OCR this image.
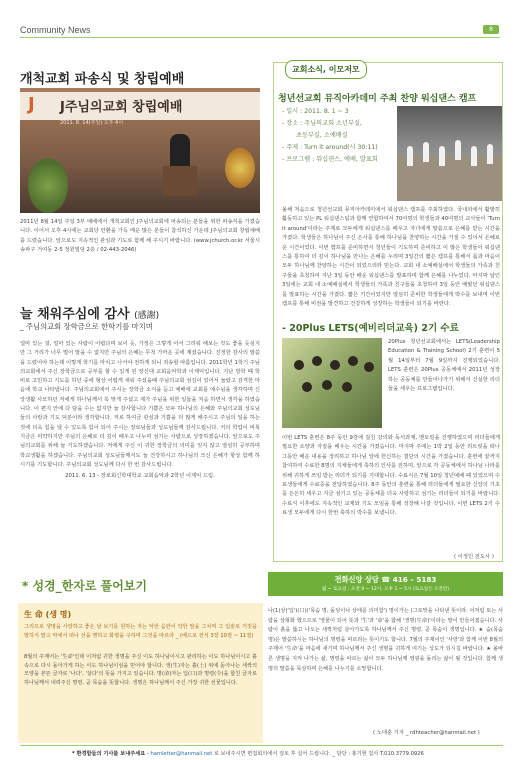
Community News	8
개척교회 파송식 및 창립예배
J J주님의교회 창립예배
2011. 8. 14(주일) 오후 4시
2011년 8월 14일 주일 3부 예배에서 개척교회인 J주님의교회에 파송되는 분들을 위한 파송식을 가졌습니다. 이어서 오후 4시에는 교회당 안환을 가득 메운 많은 분들이 참석하신 가운데 J주님의교회 창립예배를 드렸습니다. 앞으로도 지속적인 관심과 기도로 함께 해 주시기 바랍니다. (www.jchurch.or.kr 서울시 송파구 거여동 2-5 정원빌딩 2층 / 02-443-2046)
늘 채워주심에 감사 (感謝)
_ 주님의교회 장학금으로 한학기를 마치며
얼마 있는 걸, 얼마 있는 사람이 어렵다며 보이 듯, 가정은 그렇게 어서 그리워 해보는 것도 좋을 듯싶지만 그 거리가 너무 멀어 말을 수 없지만 주님의 은혜는 무척 가까운 곳에 계셨습니다. 진정한 감사의 말씀을 드렸어야 하는데 이렇게 학기를 마치고 나서야 전하게 되니 죄송할 따름입니다. 2011학년 1학기 주님의교회에서 주신 장학금으로 공부를 할 수 있게 된 장신대 교회음악학과 이재익입니다. 지난 방학 때 학비로 고민하고 기도를 하던 중에 형상 어렵게 새워 주셨을때 주님의교회 섬김이 있어서 놀랐고 감격한 마음에 학교 나타냅니다. 주님의교회에서 주시는 장학금 소식을 듣고 예배에 교회를 예수님을 생각하며 신앙생활 사모하던 저에게 하나님께서 꼭 맞게 주셨고 제가 주님을 위한 일들을 처음 하면서 생각을 하였습니다. 이 편지 안에 다 담을 수는 없지만 늘 감사합니다 기쁨은 모두 하나님의 은혜와 주님의교회 성도님들의 사랑과 기도 덕분이라 생각합니다. 저로 하여금 관심과 기쁨을 더 많게 해주시고 주님의 일을 하는 것에 더욱 힘을 낼 수 있도록 힘이 되어 주시는 장로님들과 성도님들께 감사드립니다. 저의 학업이 비록 지금은 미약하지만 주님의 은혜로 더 깊이 배우고 나누며 섬기는 사람으로 성장하겠습니다. 앞으로도 주님의교회를 위해 늘 기도하겠습니다. 저에게 주신 이 귀한 장학금의 의미를 잊지 않고 열심히 공부하며 학교생활을 하겠습니다. 주님의교회 성도님들께서도 늘 건강하시고 하나님의 크신 은혜가 항상 함께 하시기를 기도합니다. 주님의교회 성도님께 다시 한 번 감사드립니다.
2011. 6. 13 - 장로회신학대학교 교회음악과 2학년 이재익 드림.
교회소식, 이모저모
청년선교회 뮤직아카데미 주최 찬양 워십댄스 캠프
- 일시 : 2011. 8. 1 ~ 3
- 장소 : 주님의교회 소년부실,
초등부실, 소예배실
- 주제 : Turn it around(시 30:11)
- 프로그램 : 워십댄스, 예배, 발표회
올해 처음으로 청년선교회 뮤직아카데미에서 워십댄스 캠프를 주최하였다. 국내외에서 활발히 활동하고 있는 PL 워십댄스팀과 함께 연합하여서 70여명의 학생들과 40여명의 교사들이 'Turn it around'이라는 주제로 모두에게 워십댄스를 배우고 자녀에게 말씀으로 은혜를 받는 시간을 가졌다. 학생들은 하나님이 주신 은사를 통해 하나님을 찬양하는 시간을 가질 수 있어서 은혜로운 시간이었다. 이번 캠프를 준비하면서 청년들이 기도하며 준비하고 이 많은 학생들이 워십댄스를 통하여 더 깊이 하나님을 만나는 은혜를 누리며 3일간의 짧은 캠프를 통해서 몸과 마음이 모두 하나님께 찬양하는 시간이 되었으리라 믿는다. 교회 내 소예배실에서 학생들의 가족과 친구들을 초청하여 지난 3일 동안 배운 워십댄스를 발표하며 함께 은혜를 나누었다. 마지막 날인 3일에는 교회 내 소예배실에서 학생들의 가족과 친구들을 초청하여 3일 동안 배웠던 워십댄스를 발표하는 시간을 가졌다. 짧은 기간이었지만 열심히 준비한 학생들에게 박수를 보내며 이번 캠프를 통해 비전을 발견하고 건강하게 성장하는 학생들이 되기를 바란다.
- 20Plus LETS(예비리더교육) 2기 수료
20Plus 청년선교회에서는 LETS(Leadership Education & Training School) 2기 훈련이 5월 14일부터 7월 9일까지 진행되었습니다. LETS 훈련은 20Plus 공동체에서 2011년 성장하는 공동체를 만들어나가기 위해서 신실한 리더들을 세우는 프로그램입니다.
이번 LETS 훈련은 8주 동안 9강에 걸친 강의와 독서과제, 멘토링을 진행하였으며 리더들에게 필요한 소양과 자질을 배우는 시간을 가졌습니다. 마지막 주에는 1박 2일 동안 리트릿을 떠나 그동안 배운 내용을 정리하고 하나님 앞에 헌신하는 결단의 시간을 가졌습니다. 훈련에 끝까지 참여하여 수료한 8명의 지체들에게 축하의 인사를 전하며, 앞으로 각 공동체에서 하나님 나라를 위해 귀하게 쓰임 받는 리더가 되기를 기대합니다. 수료식은 7월 10일 청년예배 때 있었으며 수료생들에게 수료증을 전달하였습니다. 8주 동안의 훈련을 통해 리더들에게 필요한 신앙의 기초를 든든히 세우고 지금 섬기고 있는 공동체를 더욱 사랑하고 섬기는 리더들이 되기를 바랍니다. 수료식 이후에도 지속적인 교제와 기도 모임을 통해 성장해 나갈 것입니다. 이번 LETS 2기 수료생 모두에게 다시 한번 축하의 박수를 보냅니다.
( 이정민 전도사 )
* 성경_한자로 풀어보기	전화신앙 상담 ☎ 416 – 5183
월 ~ 토요일 : 오전 9 ~ 12시, 오후 1 ~ 5시 (토요일은 오전만)
生 命 (생 명)
그리므로 생명을 사랑하고 좋은 날 보기를 원하는 자는 악한 음란이 약한 말을 그치며 그 입술로 거짓을 말하지 말고 악에서 떠나 선을 행하고 화평을 구하며 그것을 따르라 _ (베드로 전서 3장 10절 ~ 11절)
8월의 주제어는 '生命'인데 이처럼 귀한 생명을 주신 이도 하나님이시고 관리하는 이도 하나님이시고 흙 속으로 다시 돌아가게 하는 이도 하나님이심을 믿어야 합니다. 생(生)자는 흙(土) 위에 돋아나는 새싹의 모양을 본뜬 글자로 '나다', '살다'의 뜻을 가지고 있습니다. 명(命)자는 입(口)과 명령(令)을 합친 글자로 하나님께서 내려주신 명령, 곧 목숨을 뜻합니다. 생명은 하나님께서 주신 가장 귀한 선물입니다.
나(1)상)'입')(口)('목숨 명, 돌덩이나 상태를 의미함') 명이가는 (그로맞을 나타낸 뜻이라. 이처럼 또는 사람을 상형화 했으므로 '영물이 되어 뜻과 '生'과 '命'을 합해 '생명(生命)'이라는 말이 만들어졌습니다. 사람이 흙을 뚫고 나오는 새싹처럼 살아가도록 하나님께서 주신 명령, 곧 목숨이 생명입니다. ★ 숨(목숨 명)은 말씀하시는 하나님의 명령을 따르라는 뜻이기도 합니다. 7월의 주제어인 '사랑'과 함께 이번 8월의 주제어 '生命'을 마음에 새기며 하나님께서 주신 생명을 귀하게 여기는 성도가 되시길 바랍니다. ★ 올바른 생명을 지켜 나가는 삶, 명령을 따르는 삶이 모두 하나님께 영광을 돌리는 삶이 될 것입니다. 함께 생명의 말씀을 묵상하며 은혜를 나누기를 소망합니다.
( 노대훈 기자 _ rdhteacher@hanmail.net )
* 환경함들의 기사를 보내주세요 - hamletter@hanmail.net 로 보내주시면 편집회의에서 검토 후 실어 드립니다. _ 담당 : 홍기현 집사 T.010.3779.0926
